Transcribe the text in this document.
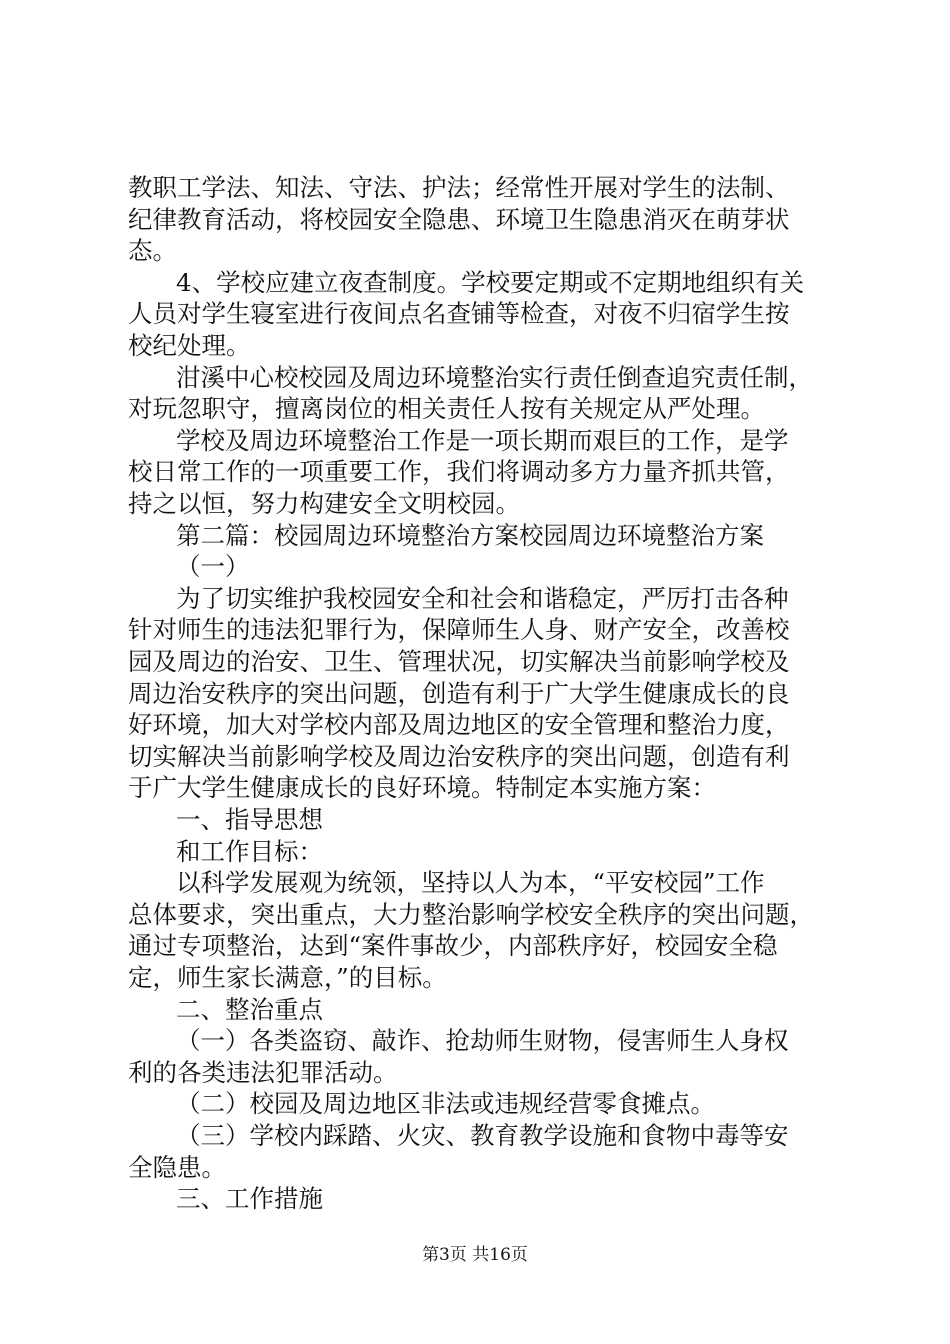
教职工学法、知法、守法、护法；经常性开展对学生的法制、
纪律教育活动，将校园安全隐患、环境卫生隐患消灭在萌芽状
态。
4、学校应建立夜查制度。学校要定期或不定期地组织有关
人员对学生寝室进行夜间点名查铺等检查，对夜不归宿学生按
校纪处理。
泔溪中心校校园及周边环境整治实行责任倒查追究责任制，
对玩忽职守，擅离岗位的相关责任人按有关规定从严处理。
学校及周边环境整治工作是一项长期而艰巨的工作，是学
校日常工作的一项重要工作，我们将调动多方力量齐抓共管，
持之以恒，努力构建安全文明校园。
第二篇：校园周边环境整治方案校园周边环境整治方案
（一）
为了切实维护我校园安全和社会和谐稳定，严厉打击各种
针对师生的违法犯罪行为，保障师生人身、财产安全，改善校
园及周边的治安、卫生、管理状况，切实解决当前影响学校及
周边治安秩序的突出问题，创造有利于广大学生健康成长的良
好环境，加大对学校内部及周边地区的安全管理和整治力度，
切实解决当前影响学校及周边治安秩序的突出问题，创造有利
于广大学生健康成长的良好环境。特制定本实施方案：
一、指导思想
和工作目标：
以科学发展观为统领，坚持以人为本，“平安校园”工作
总体要求，突出重点，大力整治影响学校安全秩序的突出问题，
通过专项整治，达到“案件事故少，内部秩序好，校园安全稳
定，师生家长满意，”的目标。
二、整治重点
（一）各类盗窃、敲诈、抢劫师生财物，侵害师生人身权
利的各类违法犯罪活动。
（二）校园及周边地区非法或违规经营零食摊点。
（三）学校内踩踏、火灾、教育教学设施和食物中毒等安
全隐患。
三、工作措施
第3页 共16页
